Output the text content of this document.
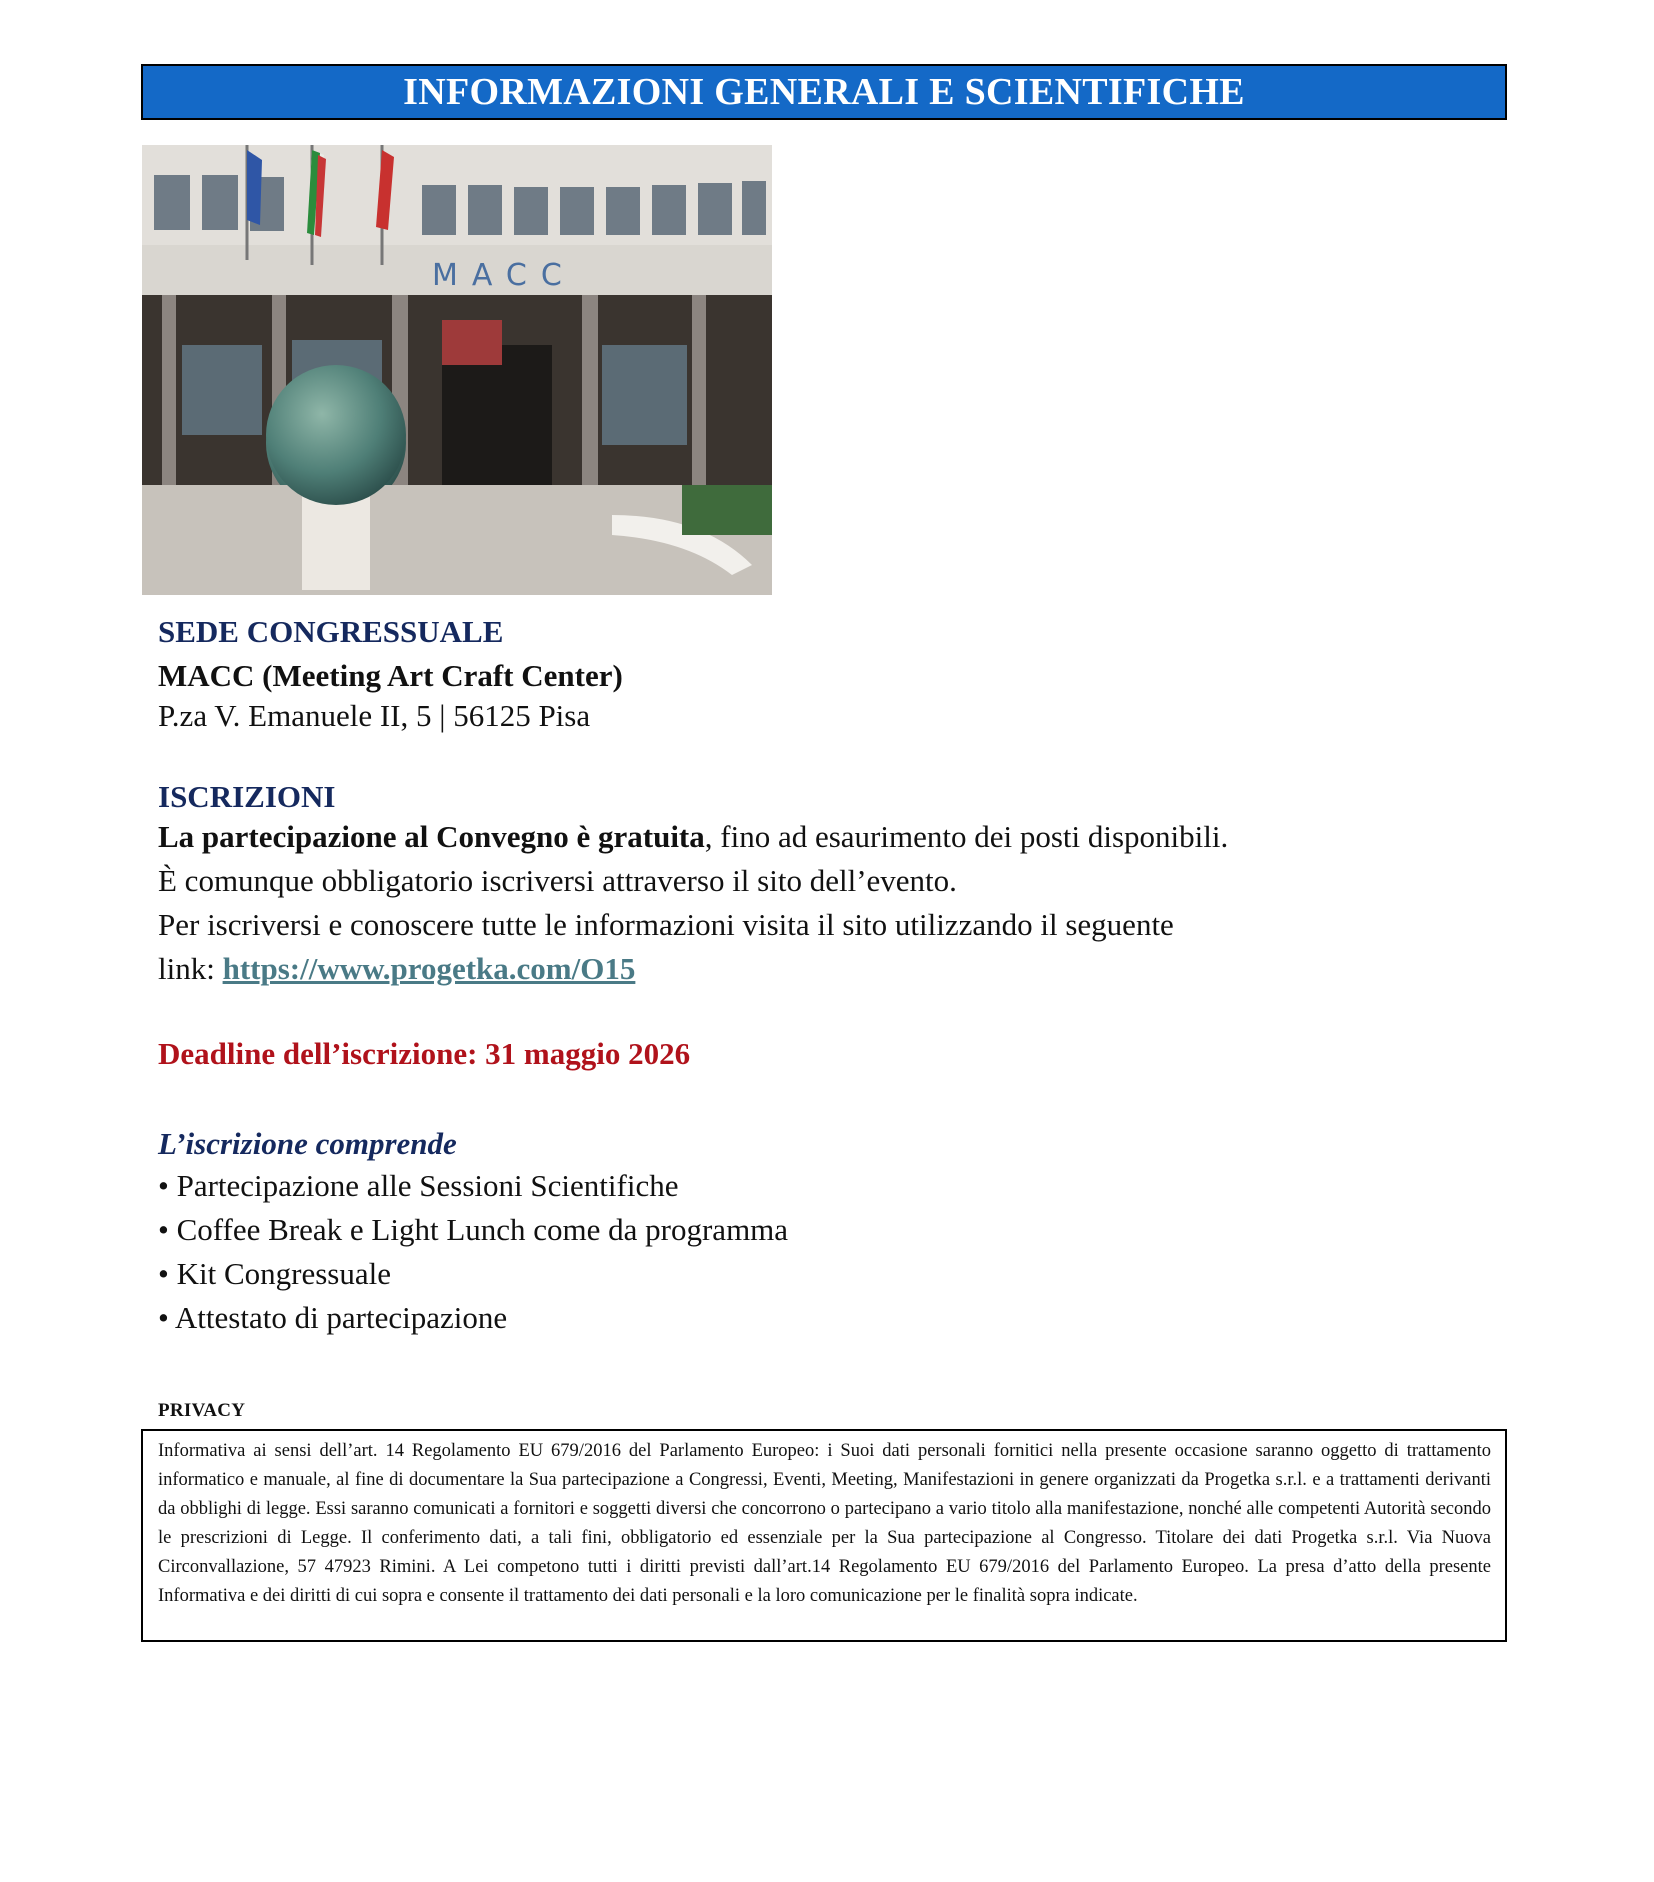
INFORMAZIONI GENERALI E SCIENTIFICHE
MACC
SEDE CONGRESSUALE
MACC (Meeting Art Craft Center)
P.za V. Emanuele II, 5 | 56125 Pisa
ISCRIZIONI
La partecipazione al Convegno è gratuita, fino ad esaurimento dei posti disponibili.
È comunque obbligatorio iscriversi attraverso il sito dell’evento.
Per iscriversi e conoscere tutte le informazioni visita il sito utilizzando il seguente
link: https://www.progetka.com/O15
Deadline dell’iscrizione: 31 maggio 2026
L’iscrizione comprende
• Partecipazione alle Sessioni Scientifiche
• Coffee Break e Light Lunch come da programma
• Kit Congressuale
• Attestato di partecipazione
PRIVACY
Informativa ai sensi dell’art. 14 Regolamento EU 679/2016 del Parlamento Europeo: i Suoi dati personali fornitici nella presente occasione saranno oggetto di trattamento informatico e manuale, al fine di documentare la Sua partecipazione a Congressi, Eventi, Meeting, Manifestazioni in genere organizzati da Progetka s.r.l. e a trattamenti derivanti da obblighi di legge. Essi saranno comunicati a fornitori e soggetti diversi che concorrono o partecipano a vario titolo alla manifestazione, nonché alle competenti Autorità secondo le prescrizioni di Legge. Il conferimento dati, a tali fini, obbligatorio ed essenziale per la Sua partecipazione al Congresso. Titolare dei dati Progetka s.r.l. Via Nuova Circonvallazione, 57 47923 Rimini. A Lei competono tutti i diritti previsti dall’art.14 Regolamento EU 679/2016 del Parlamento Europeo. La presa d’atto della presente Informativa e dei diritti di cui sopra e consente il trattamento dei dati personali e la loro comunicazione per le finalità sopra indicate.
